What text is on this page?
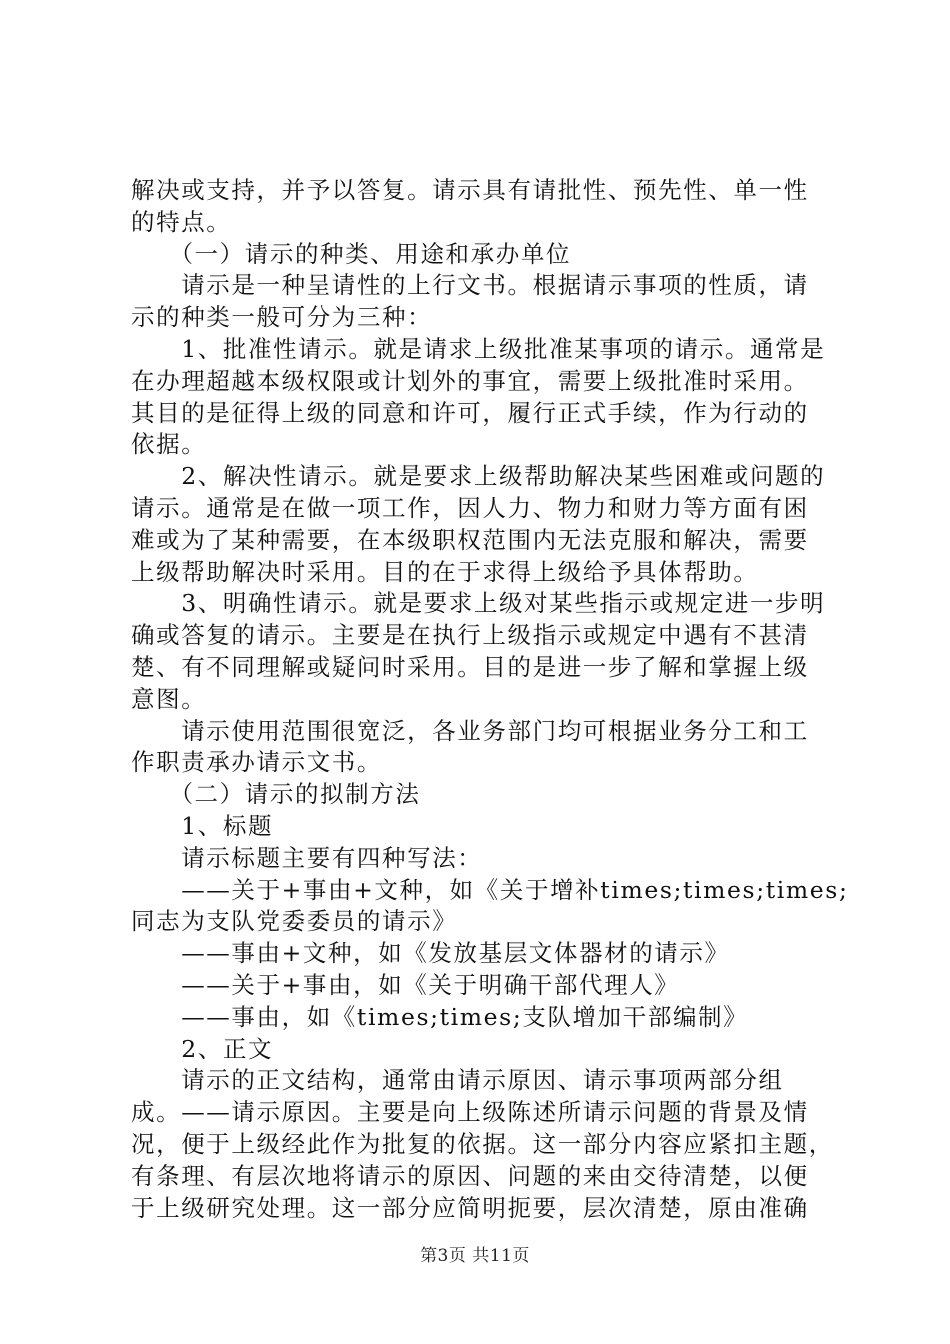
解决或支持，并予以答复。请示具有请批性、预先性、单一性
的特点。
　　（一）请示的种类、用途和承办单位
　　请示是一种呈请性的上行文书。根据请示事项的性质，请
示的种类一般可分为三种：
　　1、批准性请示。就是请求上级批准某事项的请示。通常是
在办理超越本级权限或计划外的事宜，需要上级批准时采用。
其目的是征得上级的同意和许可，履行正式手续，作为行动的
依据。
　　2、解决性请示。就是要求上级帮助解决某些困难或问题的
请示。通常是在做一项工作，因人力、物力和财力等方面有困
难或为了某种需要，在本级职权范围内无法克服和解决，需要
上级帮助解决时采用。目的在于求得上级给予具体帮助。
　　3、明确性请示。就是要求上级对某些指示或规定进一步明
确或答复的请示。主要是在执行上级指示或规定中遇有不甚清
楚、有不同理解或疑问时采用。目的是进一步了解和掌握上级
意图。
　　请示使用范围很宽泛，各业务部门均可根据业务分工和工
作职责承办请示文书。
　　（二）请示的拟制方法
　　1、标题
　　请示标题主要有四种写法：
　　——关于+事由+文种，如《关于增补times;times;times;
同志为支队党委委员的请示》
　　——事由+文种，如《发放基层文体器材的请示》
　　——关于+事由，如《关于明确干部代理人》
　　——事由，如《times;times;支队增加干部编制》
　　2、正文
　　请示的正文结构，通常由请示原因、请示事项两部分组
成。——请示原因。主要是向上级陈述所请示问题的背景及情
况，便于上级经此作为批复的依据。这一部分内容应紧扣主题，
有条理、有层次地将请示的原因、问题的来由交待清楚，以便
于上级研究处理。这一部分应简明扼要，层次清楚，原由准确
第3页 共11页
